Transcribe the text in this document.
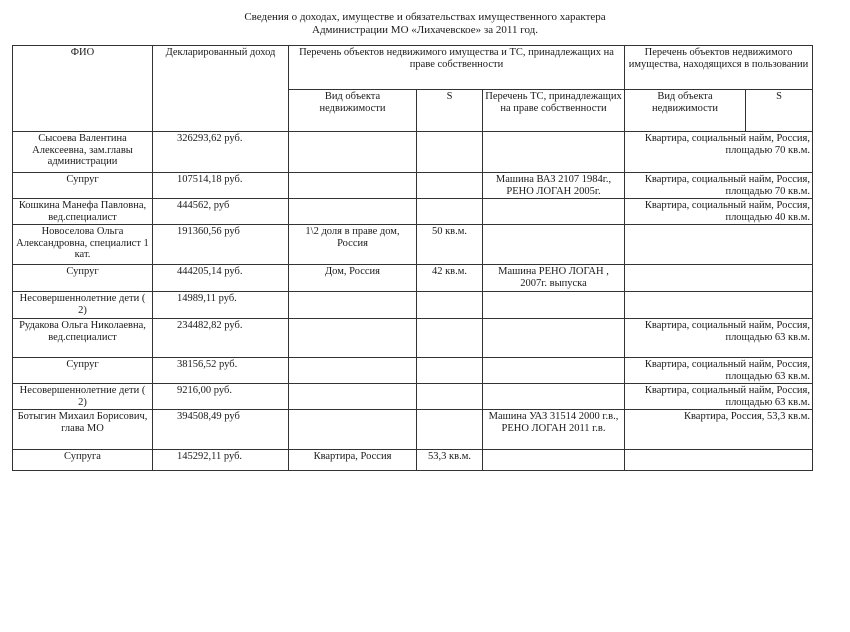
Сведения о доходах, имуществе и обязательствах имущественного характера
Администрации МО «Лихачевское» за 2011 год.
ФИО	Декларированный доход	Перечень объектов недвижимого имущества и ТС, принадлежащих на праве собственности			Перечень объектов недвижимого имущества, находящихся в пользовании	
		Вид объекта недвижимости	S	Перечень ТС, принадлежащих на праве собственности	Вид объекта недвижимости	S
Сысоева Валентина Алексеевна, зам.главы администрации	326293,62 руб.				Квартира, социальный найм, Россия, площадью 70 кв.м.	
Супруг	107514,18 руб.			Машина ВАЗ 2107 1984г., РЕНО ЛОГАН 2005г.	Квартира, социальный найм, Россия, площадью 70 кв.м.	
Кошкина Манефа Павловна, вед.специалист	444562, руб				Квартира, социальный найм, Россия, площадью 40 кв.м.	
Новоселова Ольга Александровна, специалист 1 кат.	191360,56 руб	1\2 доля в праве дом, Россия	50 кв.м.			
Супруг	444205,14 руб.	Дом, Россия	42 кв.м.	Машина РЕНО ЛОГАН , 2007г. выпуска		
Несовершеннолетние дети ( 2)	14989,11 руб.					
Рудакова Ольга Николаевна, вед.специалист	234482,82 руб.				Квартира, социальный найм, Россия, площадью 63 кв.м.	
Супруг	38156,52 руб.				Квартира, социальный найм, Россия, площадью 63 кв.м.	
Несовершеннолетние дети ( 2)	9216,00 руб.				Квартира, социальный найм, Россия, площадью 63 кв.м.	
Ботыгин Михаил Борисович, глава МО	394508,49 руб			Машина УАЗ 31514 2000 г.в., РЕНО ЛОГАН 2011 г.в.	Квартира, Россия, 53,3 кв.м.	
Супруга	145292,11 руб.	Квартира, Россия	53,3 кв.м.			
